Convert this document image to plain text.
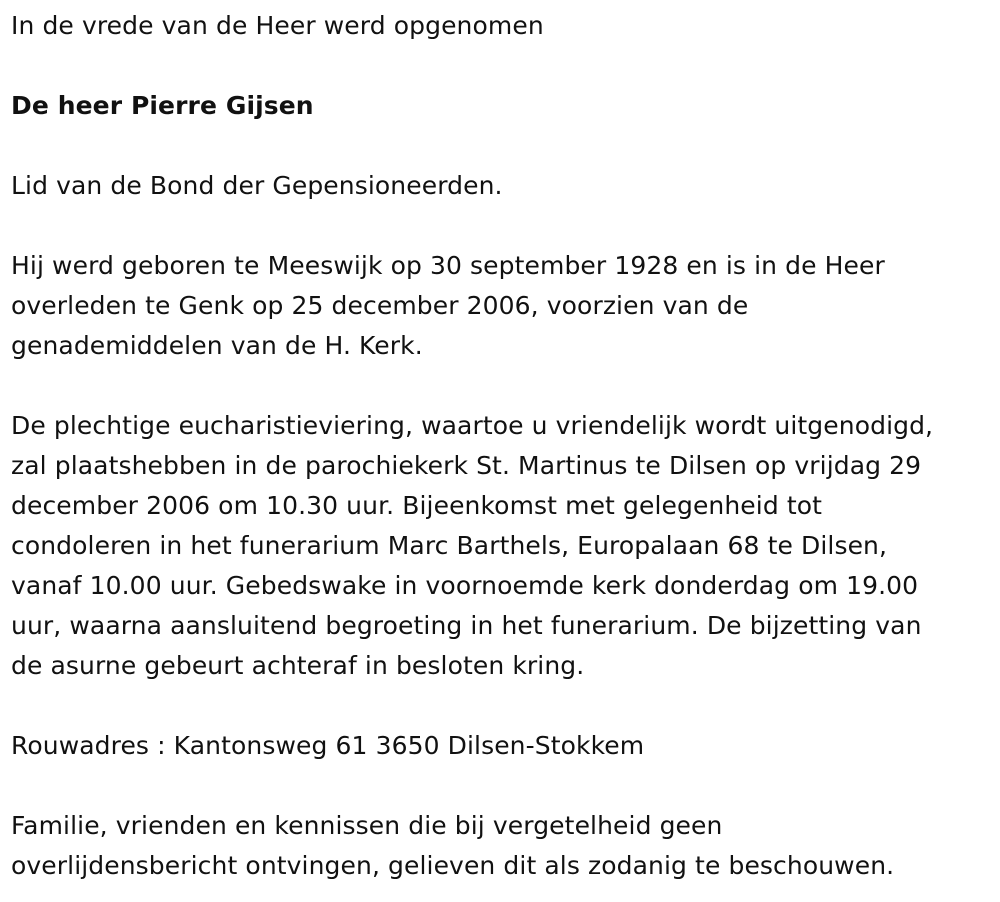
In de vrede van de Heer werd opgenomen

De heer Pierre Gijsen

Lid van de Bond der Gepensioneerden.

Hij werd geboren te Meeswijk op 30 september 1928 en is in de Heer
overleden te Genk op 25 december 2006, voorzien van de
genademiddelen van de H. Kerk.

De plechtige eucharistieviering, waartoe u vriendelijk wordt uitgenodigd,
zal plaatshebben in de parochiekerk St. Martinus te Dilsen op vrijdag 29
december 2006 om 10.30 uur. Bijeenkomst met gelegenheid tot
condoleren in het funerarium Marc Barthels, Europalaan 68 te Dilsen,
vanaf 10.00 uur. Gebedswake in voornoemde kerk donderdag om 19.00
uur, waarna aansluitend begroeting in het funerarium. De bijzetting van
de asurne gebeurt achteraf in besloten kring.

Rouwadres : Kantonsweg 61 3650 Dilsen-Stokkem

Familie, vrienden en kennissen die bij vergetelheid geen
overlijdensbericht ontvingen, gelieven dit als zodanig te beschouwen.
